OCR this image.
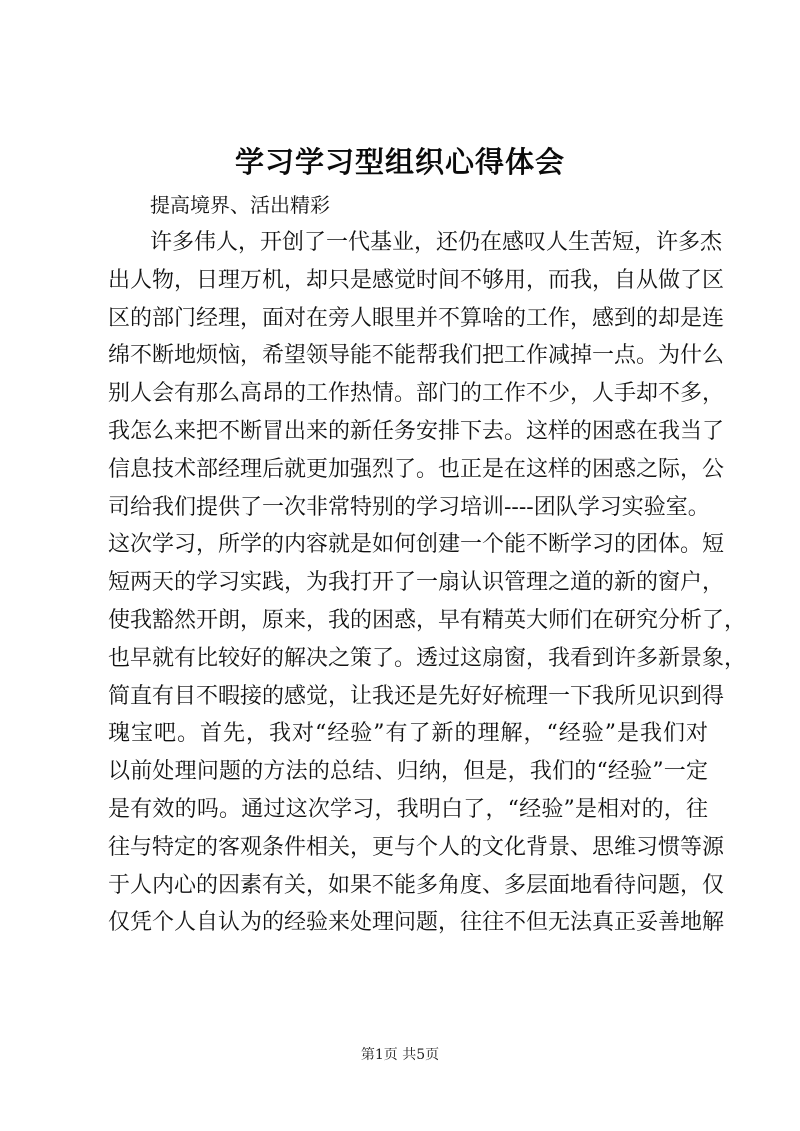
学习学习型组织心得体会
提高境界、活出精彩
许多伟人，开创了一代基业，还仍在感叹人生苦短，许多杰
出人物，日理万机，却只是感觉时间不够用，而我，自从做了区
区的部门经理，面对在旁人眼里并不算啥的工作，感到的却是连
绵不断地烦恼，希望领导能不能帮我们把工作减掉一点。为什么
别人会有那么高昂的工作热情。部门的工作不少，人手却不多，
我怎么来把不断冒出来的新任务安排下去。这样的困惑在我当了
信息技术部经理后就更加强烈了。也正是在这样的困惑之际，公
司给我们提供了一次非常特别的学习培训----团队学习实验室。
这次学习，所学的内容就是如何创建一个能不断学习的团体。短
短两天的学习实践，为我打开了一扇认识管理之道的新的窗户，
使我豁然开朗，原来，我的困惑，早有精英大师们在研究分析了，
也早就有比较好的解决之策了。透过这扇窗，我看到许多新景象，
简直有目不暇接的感觉，让我还是先好好梳理一下我所见识到得
瑰宝吧。首先，我对“经验”有了新的理解，“经验”是我们对
以前处理问题的方法的总结、归纳，但是，我们的“经验”一定
是有效的吗。通过这次学习，我明白了，“经验”是相对的，往
往与特定的客观条件相关，更与个人的文化背景、思维习惯等源
于人内心的因素有关，如果不能多角度、多层面地看待问题，仅
仅凭个人自认为的经验来处理问题，往往不但无法真正妥善地解
第1页 共5页
